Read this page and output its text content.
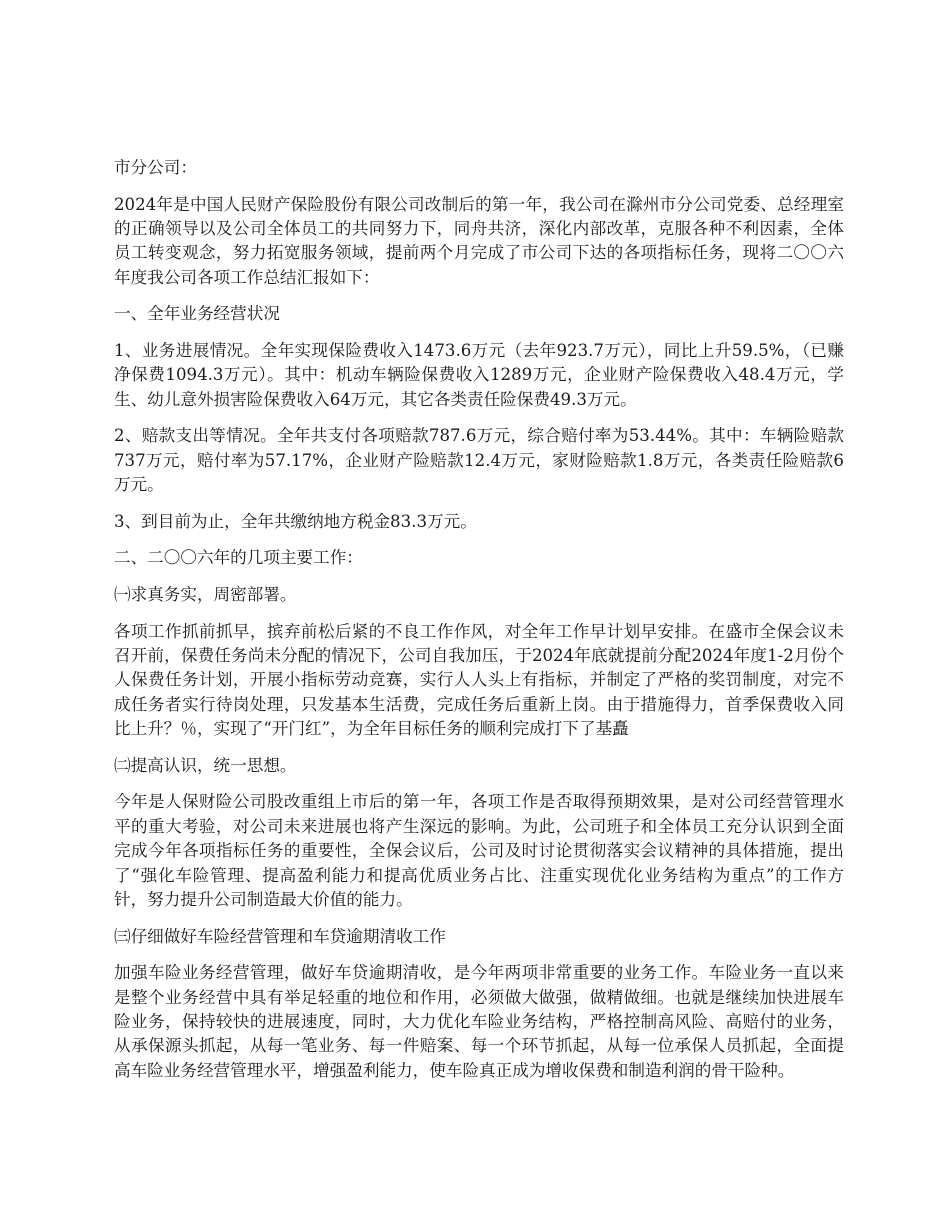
市分公司：

2024年是中国人民财产保险股份有限公司改制后的第一年，我公司在滁州市分公司党委、总经理室的正确领导以及公司全体员工的共同努力下，同舟共济，深化内部改革，克服各种不利因素，全体员工转变观念，努力拓宽服务领域，提前两个月完成了市公司下达的各项指标任务，现将二〇〇六年度我公司各项工作总结汇报如下：

一、全年业务经营状况

1、业务进展情况。全年实现保险费收入1473.6万元（去年923.7万元），同比上升59.5%，（已赚净保费1094.3万元）。其中：机动车辆险保费收入1289万元，企业财产险保费收入48.4万元，学生、幼儿意外损害险保费收入64万元，其它各类责任险保费49.3万元。

2、赔款支出等情况。全年共支付各项赔款787.6万元，综合赔付率为53.44%。其中：车辆险赔款737万元，赔付率为57.17%，企业财产险赔款12.4万元，家财险赔款1.8万元，各类责任险赔款6万元。

3、到目前为止，全年共缴纳地方税金83.3万元。

二、二〇〇六年的几项主要工作：

㈠求真务实，周密部署。

各项工作抓前抓早，摈弃前松后紧的不良工作作风，对全年工作早计划早安排。在盛市全保会议未召开前，保费任务尚未分配的情况下，公司自我加压，于2024年底就提前分配2024年度1-2月份个人保费任务计划，开展小指标劳动竞赛，实行人人头上有指标，并制定了严格的奖罚制度，对完不成任务者实行待岗处理，只发基本生活费，完成任务后重新上岗。由于措施得力，首季保费收入同比上升？％，实现了“开门红”，为全年目标任务的顺利完成打下了基矗

㈡提高认识，统一思想。

今年是人保财险公司股改重组上市后的第一年，各项工作是否取得预期效果，是对公司经营管理水平的重大考验，对公司未来进展也将产生深远的影响。为此，公司班子和全体员工充分认识到全面完成今年各项指标任务的重要性，全保会议后，公司及时讨论贯彻落实会议精神的具体措施，提出了“强化车险管理、提高盈利能力和提高优质业务占比、注重实现优化业务结构为重点”的工作方针，努力提升公司制造最大价值的能力。

㈢仔细做好车险经营管理和车贷逾期清收工作

加强车险业务经营管理，做好车贷逾期清收，是今年两项非常重要的业务工作。车险业务一直以来是整个业务经营中具有举足轻重的地位和作用，必须做大做强，做精做细。也就是继续加快进展车险业务，保持较快的进展速度，同时，大力优化车险业务结构，严格控制高风险、高赔付的业务，从承保源头抓起，从每一笔业务、每一件赔案、每一个环节抓起，从每一位承保人员抓起，全面提高车险业务经营管理水平，增强盈利能力，使车险真正成为增收保费和制造利润的骨干险种。
